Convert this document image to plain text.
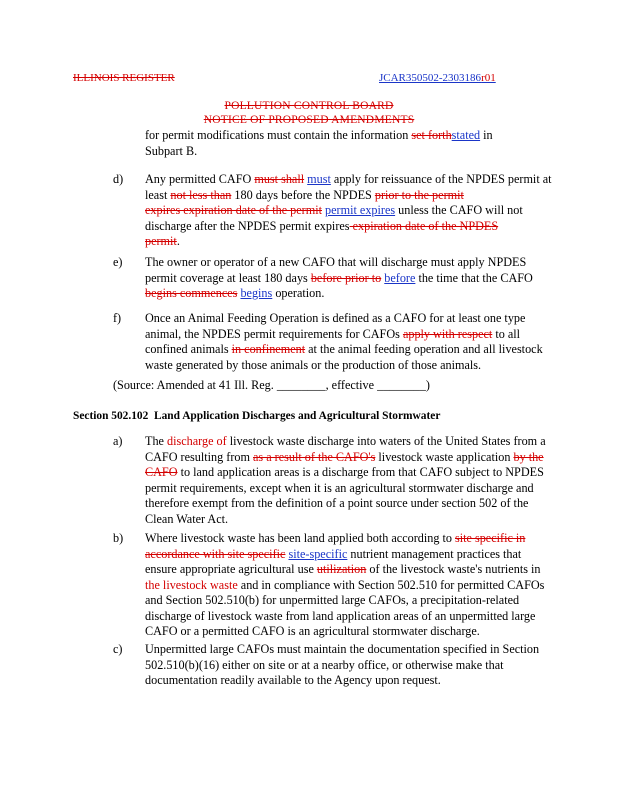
ILLINOIS REGISTER	JCAR350502-2303186r01
POLLUTION CONTROL BOARD
NOTICE OF PROPOSED AMENDMENTS
for permit modifications must contain the information set forthstated in
Subpart B.
d) Any permitted CAFO must shall must apply for reissuance of the NPDES permit at
least not less than 180 days before the NPDES prior to the permit
expires expiration date of the permit permit expires unless the CAFO will not
discharge after the NPDES permit expires expiration date of the NPDES
permit.
e) The owner or operator of a new CAFO that will discharge must apply NPDES
permit coverage at least 180 days before prior to before the time that the CAFO
begins commences begins operation.
f) Once an Animal Feeding Operation is defined as a CAFO for at least one type
animal, the NPDES permit requirements for CAFOs apply with respect to all
confined animals in confinement at the animal feeding operation and all livestock
waste generated by those animals or the production of those animals.
(Source: Amended at 41 Ill. Reg. ________, effective ________)
Section 502.102 Land Application Discharges and Agricultural Stormwater
a) The discharge of livestock waste discharge into waters of the United States from a
CAFO resulting from as a result of the CAFO's livestock waste application by the
CAFO to land application areas is a discharge from that CAFO subject to NPDES
permit requirements, except when it is an agricultural stormwater discharge and
therefore exempt from the definition of a point source under section 502 of the
Clean Water Act.
b) Where livestock waste has been land applied both according to site specific in
accordance with site specific site-specific nutrient management practices that
ensure appropriate agricultural use utilization of the livestock waste's nutrients in
the livestock waste and in compliance with Section 502.510 for permitted CAFOs
and Section 502.510(b) for unpermitted large CAFOs, a precipitation-related
discharge of livestock waste from land application areas of an unpermitted large
CAFO or a permitted CAFO is an agricultural stormwater discharge.
c) Unpermitted large CAFOs must maintain the documentation specified in Section
502.510(b)(16) either on site or at a nearby office, or otherwise make that
documentation readily available to the Agency upon request.
